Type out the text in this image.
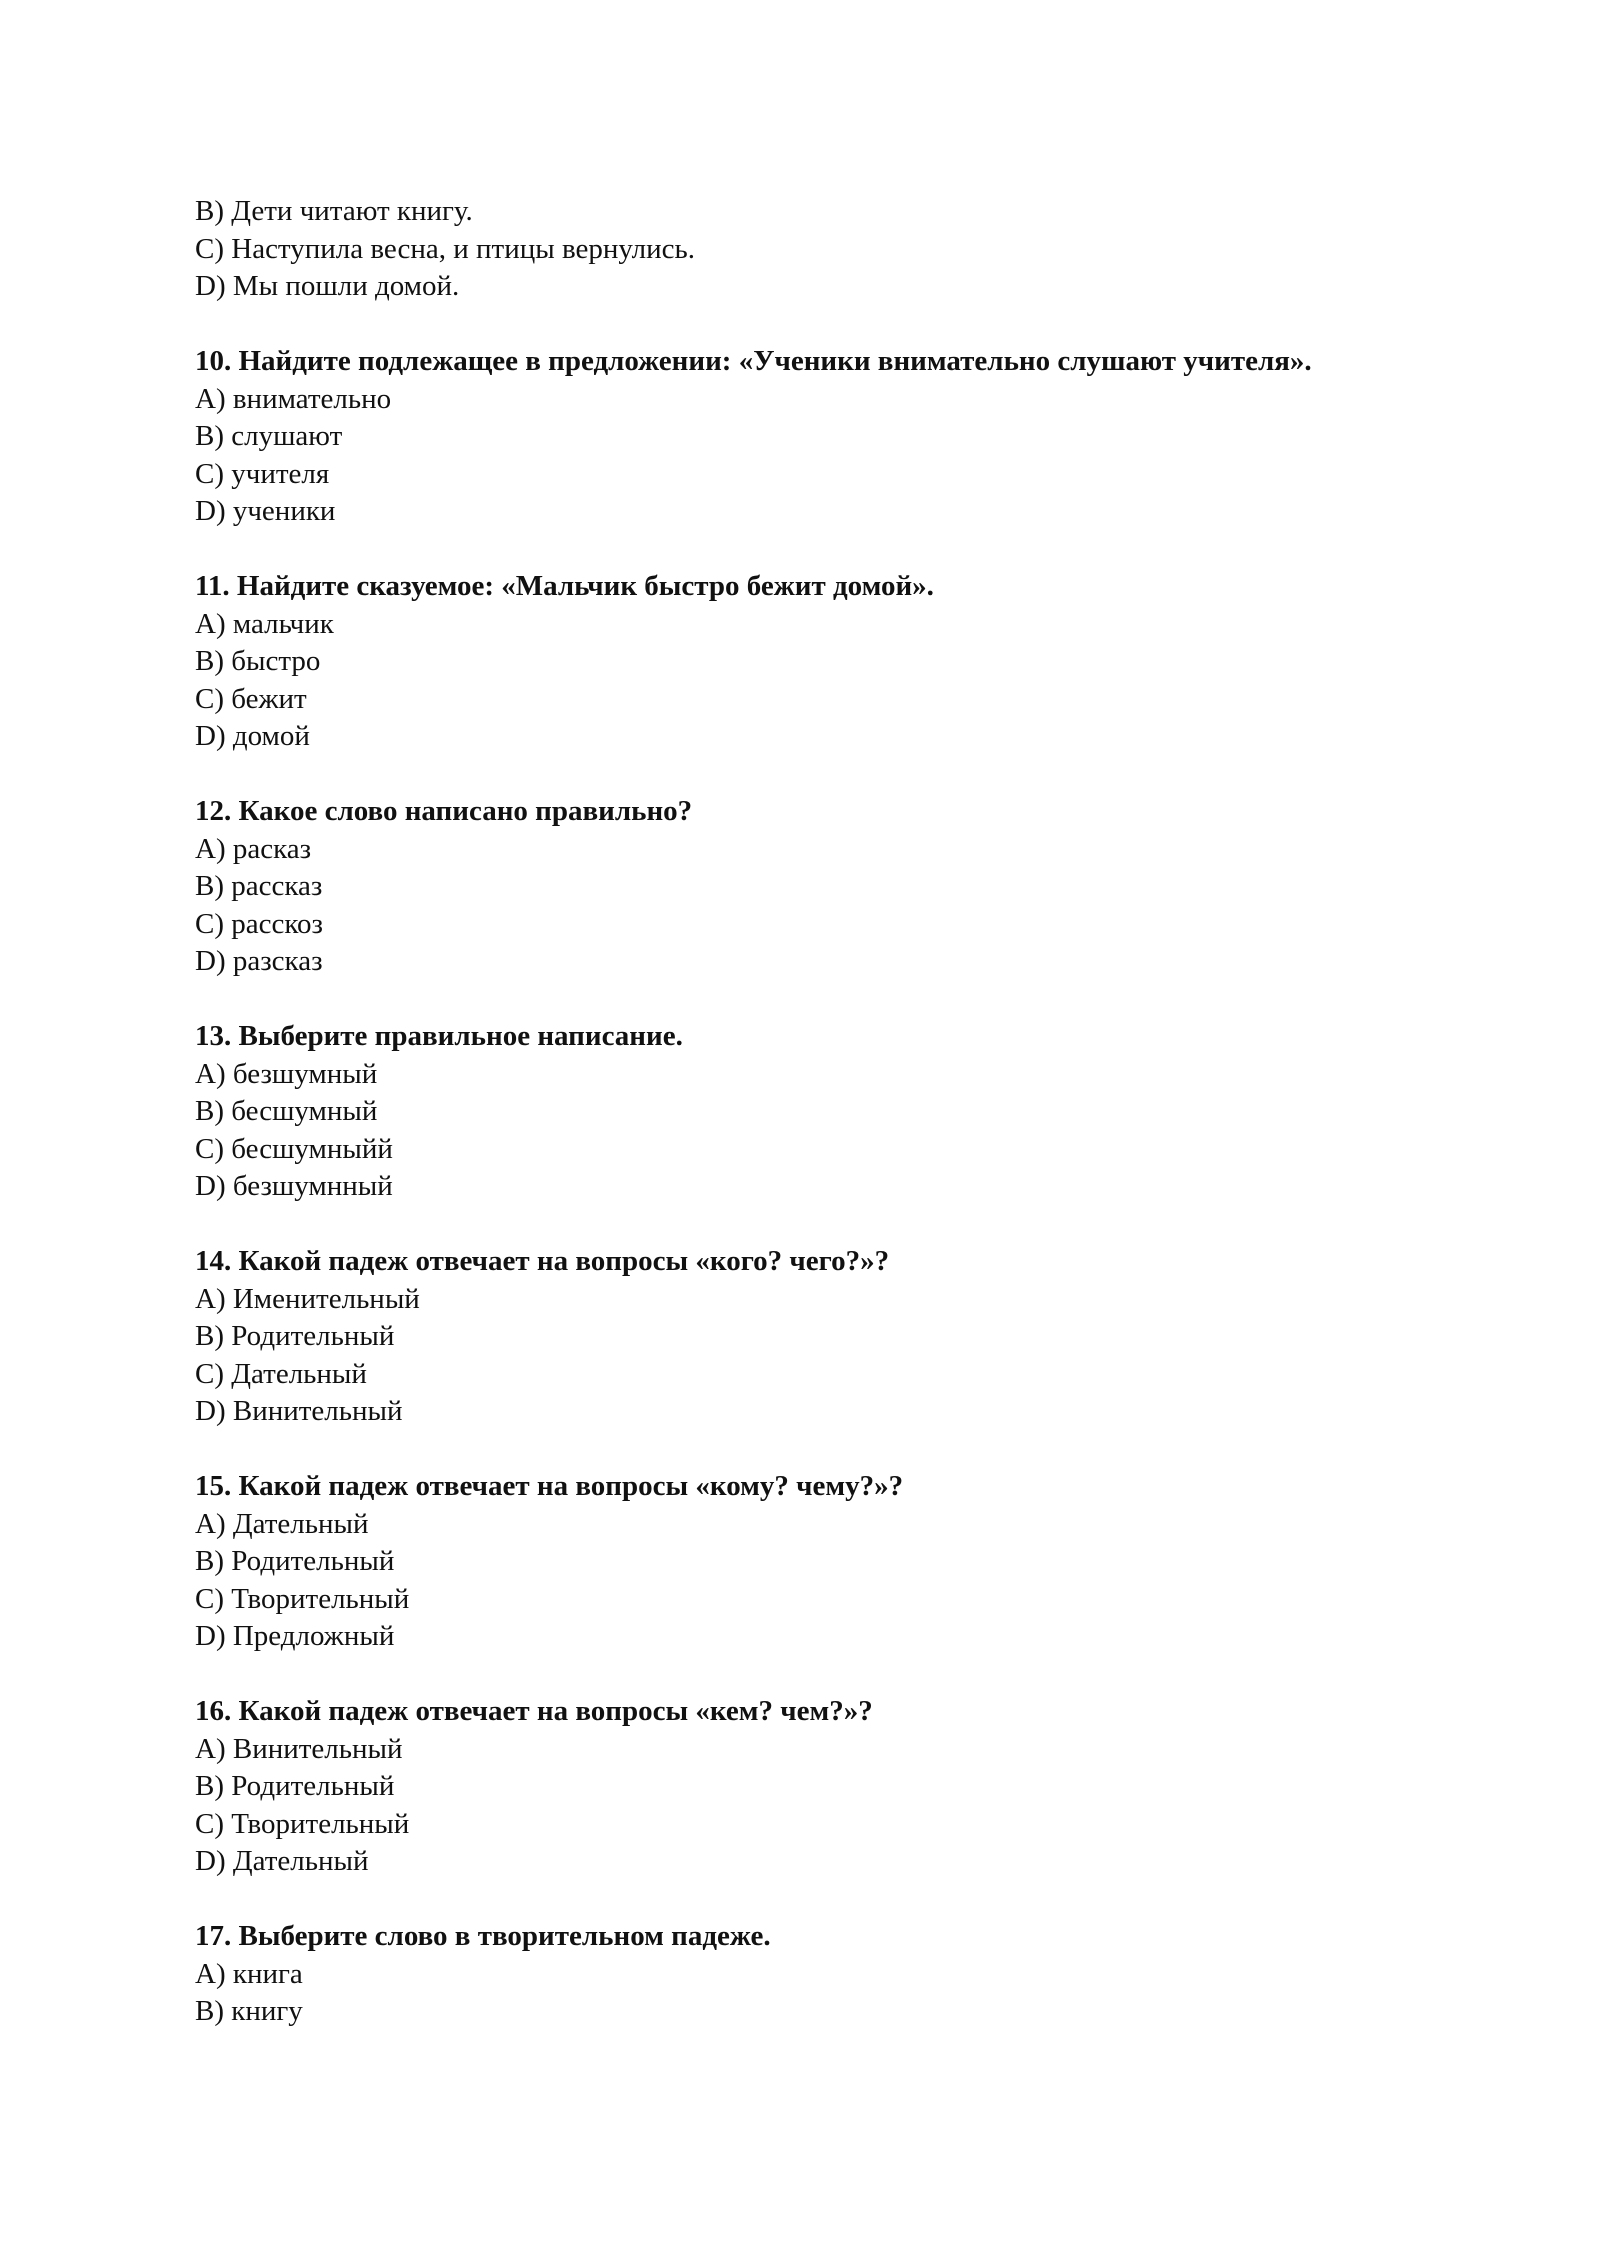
B) Дети читают книгу.

C) Наступила весна, и птицы вернулись.

D) Мы пошли домой.

10. Найдите подлежащее в предложении: «Ученики внимательно слушают учителя».

A) внимательно

B) слушают

C) учителя

D) ученики

11. Найдите сказуемое: «Мальчик быстро бежит домой».

A) мальчик

B) быстро

C) бежит

D) домой

12. Какое слово написано правильно?

A) расказ

B) рассказ

C) расскоз

D) разсказ

13. Выберите правильное написание.

A) безшумный

B) бесшумный

C) бесшумныйй

D) безшумнный

14. Какой падеж отвечает на вопросы «кого? чего?»?

A) Именительный

B) Родительный

C) Дательный

D) Винительный

15. Какой падеж отвечает на вопросы «кому? чему?»?

A) Дательный

B) Родительный

C) Творительный

D) Предложный

16. Какой падеж отвечает на вопросы «кем? чем?»?

A) Винительный

B) Родительный

C) Творительный

D) Дательный

17. Выберите слово в творительном падеже.

A) книга

B) книгу
